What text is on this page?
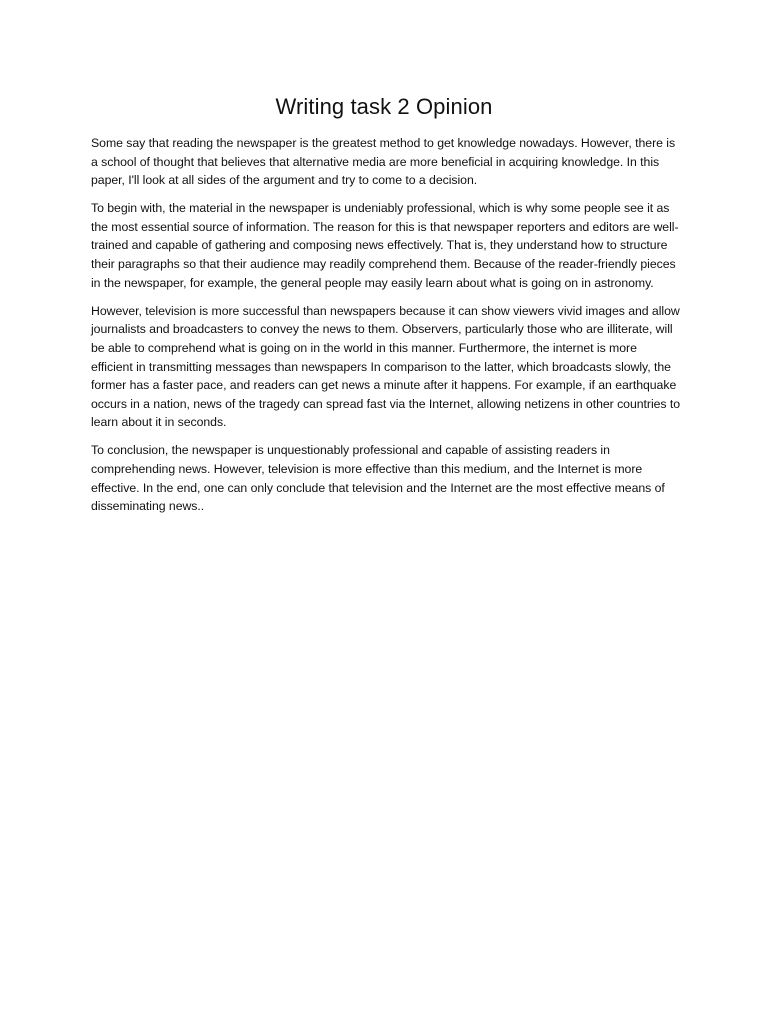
Writing task 2 Opinion

Some say that reading the newspaper is the greatest method to get knowledge nowadays. However, there is a school of thought that believes that alternative media are more beneficial in acquiring knowledge. In this paper, I'll look at all sides of the argument and try to come to a decision.

To begin with, the material in the newspaper is undeniably professional, which is why some people see it as the most essential source of information. The reason for this is that newspaper reporters and editors are well-trained and capable of gathering and composing news effectively. That is, they understand how to structure their paragraphs so that their audience may readily comprehend them. Because of the reader-friendly pieces in the newspaper, for example, the general people may easily learn about what is going on in astronomy.

However, television is more successful than newspapers because it can show viewers vivid images and allow journalists and broadcasters to convey the news to them. Observers, particularly those who are illiterate, will be able to comprehend what is going on in the world in this manner. Furthermore, the internet is more efficient in transmitting messages than newspapers In comparison to the latter, which broadcasts slowly, the former has a faster pace, and readers can get news a minute after it happens. For example, if an earthquake occurs in a nation, news of the tragedy can spread fast via the Internet, allowing netizens in other countries to learn about it in seconds.

To conclusion, the newspaper is unquestionably professional and capable of assisting readers in comprehending news. However, television is more effective than this medium, and the Internet is more effective. In the end, one can only conclude that television and the Internet are the most effective means of disseminating news..
